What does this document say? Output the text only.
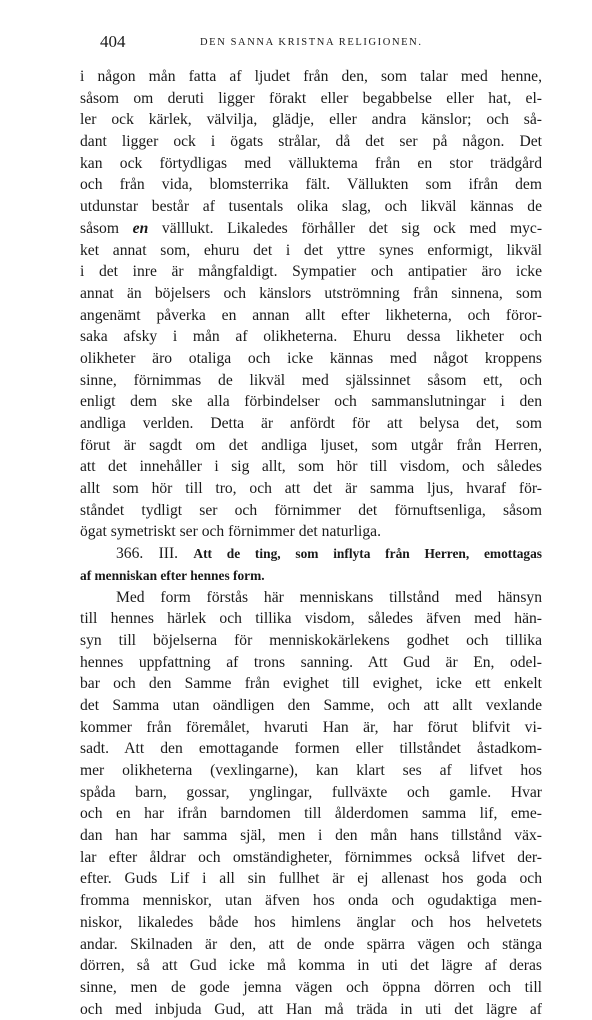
404	DEN SANNA KRISTNA RELIGIONEN.
i någon mån fatta af ljudet från den, som talar med henne,
såsom om deruti ligger förakt eller begabbelse eller hat, el-
ler ock kärlek, välvilja, glädje, eller andra känslor; och så-
dant ligger ock i ögats strålar, då det ser på någon. Det
kan ock förtydligas med välluktema från en stor trädgård
och från vida, blomsterrika fält. Vällukten som ifrån dem
utdunstar består af tusentals olika slag, och likväl kännas de
såsom en välllukt. Likaledes förhåller det sig ock med myc-
ket annat som, ehuru det i det yttre synes enformigt, likväl
i det inre är mångfaldigt. Sympatier och antipatier äro icke
annat än böjelsers och känslors utströmning från sinnena, som
angenämt påverka en annan allt efter likheterna, och föror-
saka afsky i mån af olikheterna. Ehuru dessa likheter och
olikheter äro otaliga och icke kännas med något kroppens
sinne, förnimmas de likväl med själssinnet såsom ett, och
enligt dem ske alla förbindelser och sammanslutningar i den
andliga verlden. Detta är anfördt för att belysa det, som
förut är sagdt om det andliga ljuset, som utgår från Herren,
att det innehåller i sig allt, som hör till visdom, och således
allt som hör till tro, och att det är samma ljus, hvaraf för-
ståndet tydligt ser och förnimmer det förnuftsenliga, såsom
ögat symetriskt ser och förnimmer det naturliga.
366. III. Att de ting, som inflyta från Herren, emottagas
af menniskan efter hennes form.
Med form förstås här menniskans tillstånd med hänsyn
till hennes härlek och tillika visdom, således äfven med hän-
syn till böjelserna för menniskokärlekens godhet och tillika
hennes uppfattning af trons sanning. Att Gud är En, odel-
bar och den Samme från evighet till evighet, icke ett enkelt
det Samma utan oändligen den Samme, och att allt vexlande
kommer från föremålet, hvaruti Han är, har förut blifvit vi-
sadt. Att den emottagande formen eller tillståndet åstadkom-
mer olikheterna (vexlingarne), kan klart ses af lifvet hos
spåda barn, gossar, ynglingar, fullväxte och gamle. Hvar
och en har ifrån barndomen till ålderdomen samma lif, eme-
dan han har samma själ, men i den mån hans tillstånd väx-
lar efter åldrar och omständigheter, förnimmes också lifvet der-
efter. Guds Lif i all sin fullhet är ej allenast hos goda och
fromma menniskor, utan äfven hos onda och ogudaktiga men-
niskor, likaledes både hos himlens änglar och hos helvetets
andar. Skilnaden är den, att de onde spärra vägen och stänga
dörren, så att Gud icke må komma in uti det lägre af deras
sinne, men de gode jemna vägen och öppna dörren och till
och med inbjuda Gud, att Han må träda in uti det lägre af
